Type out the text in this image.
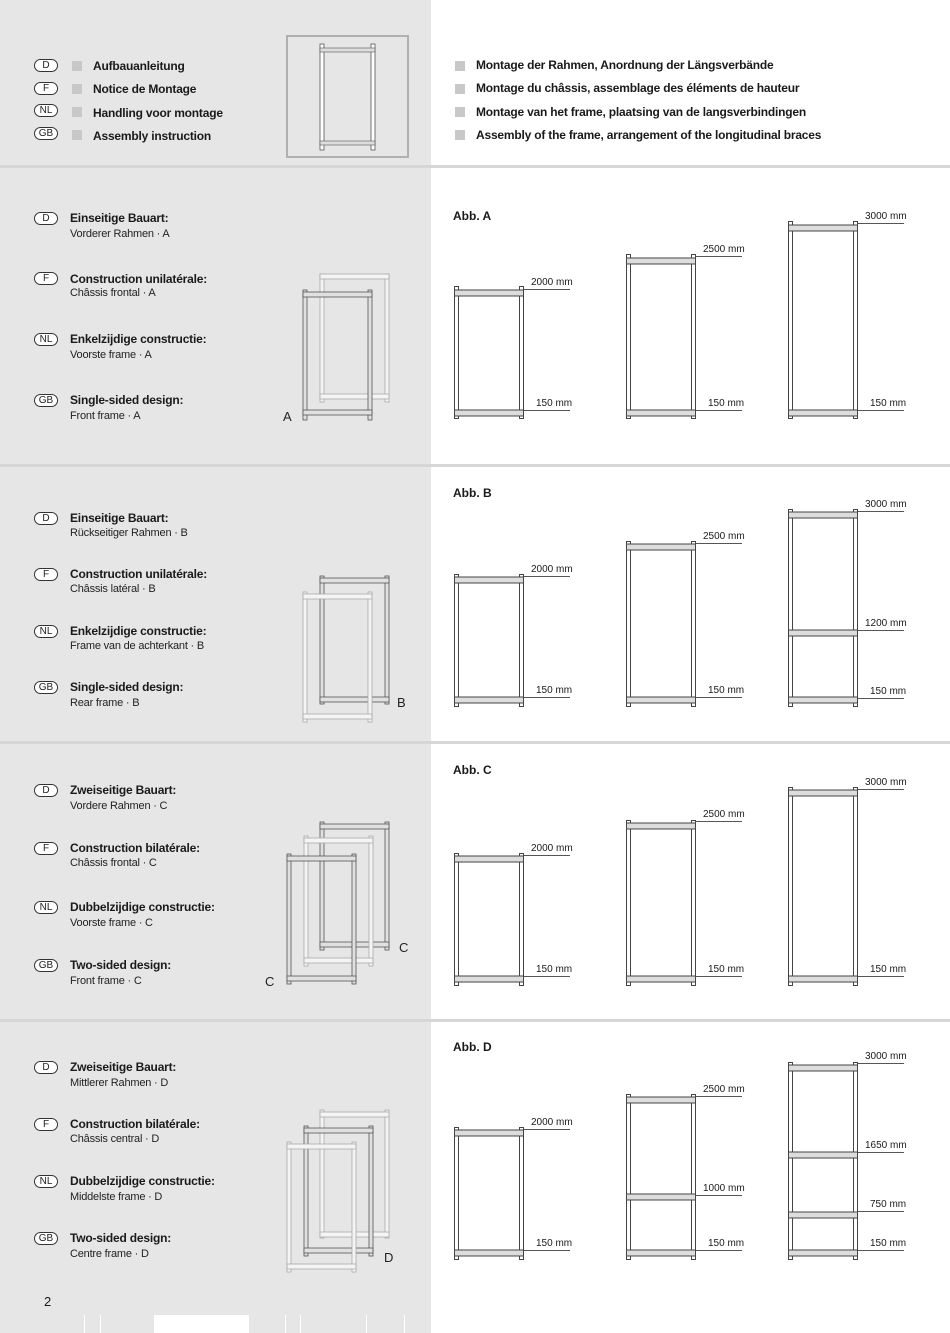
D
F
NL
GB
Aufbauanleitung
Notice de Montage
Handling voor montage
Assembly instruction
Montage der Rahmen, Anordnung der Längsverbände
Montage du châssis, assemblage des éléments de hauteur
Montage van het frame, plaatsing van de langsverbindingen
Assembly of the frame, arrangement of the longitudinal braces
D	Einseitige Bauart:
Vorderer Rahmen · A
F	Construction unilatérale:
Châssis frontal · A
NL	Enkelzijdige constructie:
Voorste frame · A
GB	Single-sided design:
Front frame · A	A
Abb. A
D	Einseitige Bauart:
Rückseitiger Rahmen · B
F	Construction unilatérale:
Châssis latéral · B
NL	Enkelzijdige constructie:
Frame van de achterkant · B
GB	Single-sided design:
Rear frame · B	B
Abb. B
D	Zweiseitige Bauart:
Vordere Rahmen · C
F	Construction bilatérale:
Châssis frontal · C
NL	Dubbelzijdige constructie:
Voorste frame · C
GB	Two-sided design:
Front frame · C
C
C
Abb. C
D	Zweiseitige Bauart:
Mittlerer Rahmen · D
F	Construction bilatérale:
Châssis central · D
NL	Dubbelzijdige constructie:
Middelste frame · D
GB	Two-sided design:
Centre frame · D	D
Abb. D
2000 mm
150 mm
2500 mm
150 mm
3000 mm
150 mm
2000 mm
150 mm
2500 mm
150 mm
3000 mm
1200 mm
150 mm
2000 mm
150 mm
2500 mm
150 mm
3000 mm
150 mm
2000 mm
150 mm
2500 mm
1000 mm
150 mm
3000 mm
1650 mm
750 mm
150 mm
2
